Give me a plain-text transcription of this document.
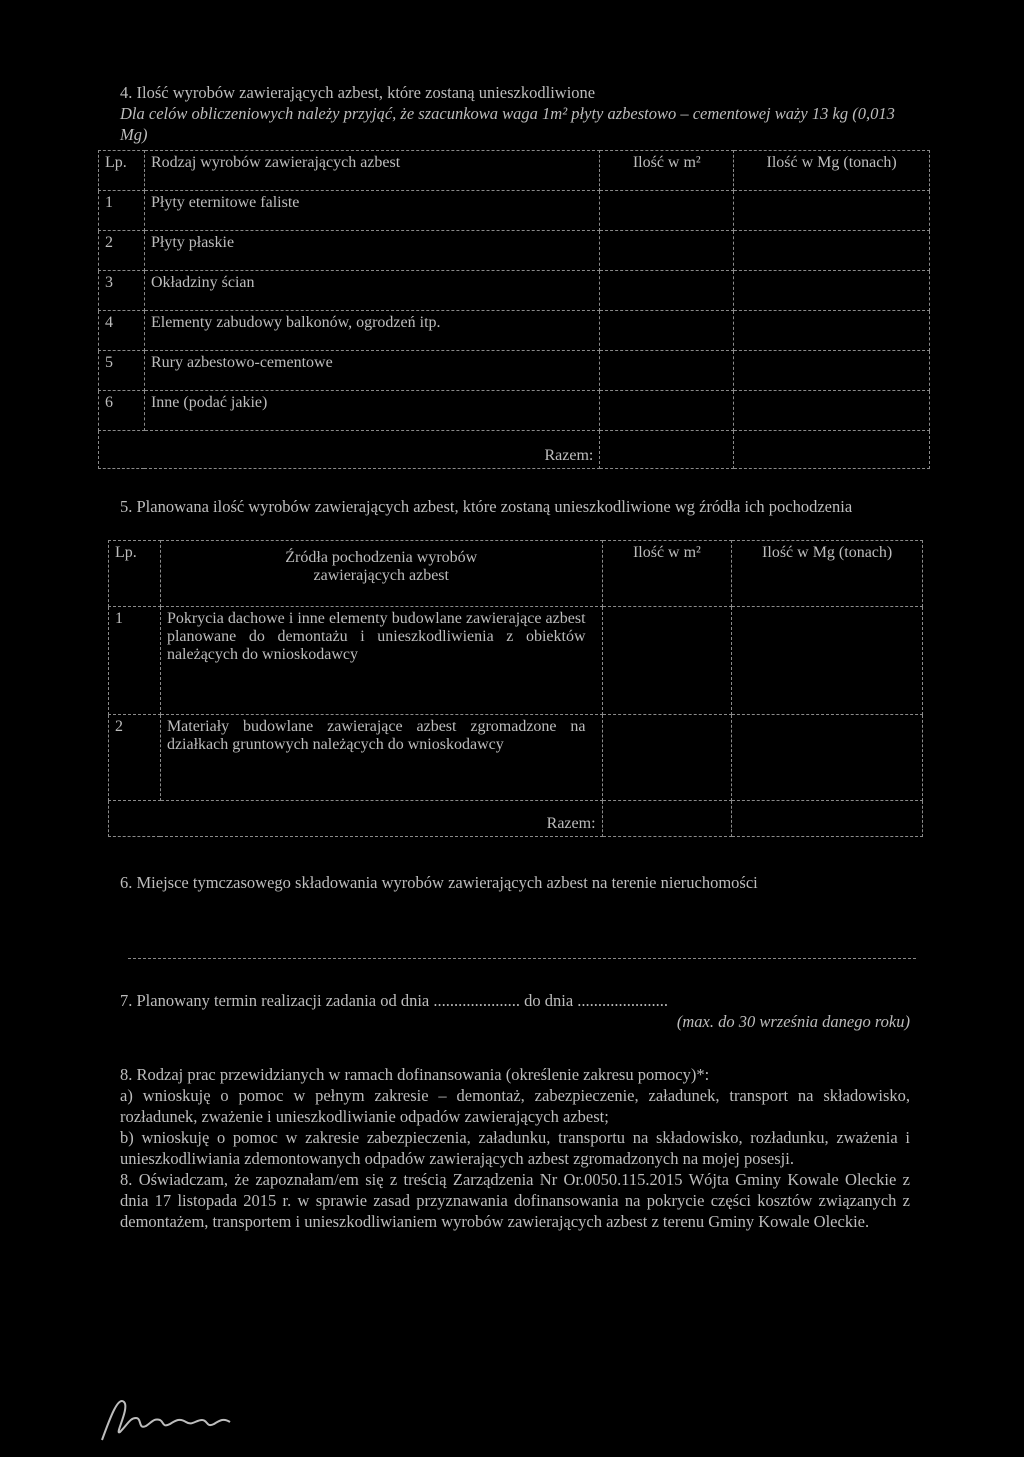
4. Ilość wyrobów zawierających azbest, które zostaną unieszkodliwione

Dla celów obliczeniowych należy przyjąć, że szacunkowa waga 1m² płyty azbestowo – cementowej waży 13 kg (0,013 Mg)

Lp.	Rodzaj wyrobów zawierających azbest	Ilość w m²	Ilość w Mg (tonach)
1	Płyty eternitowe faliste		
2	Płyty płaskie		
3	Okładziny ścian		
4	Elementy zabudowy balkonów, ogrodzeń itp.		
5	Rury azbestowo-cementowe		
6	Inne (podać jakie)		
Razem:			

5. Planowana ilość wyrobów zawierających azbest, które zostaną unieszkodliwione wg źródła ich pochodzenia

Lp.	Źródła pochodzenia wyrobów zawierających azbest	Ilość w m²	Ilość w Mg (tonach)
1	Pokrycia dachowe i inne elementy budowlane zawierające azbest planowane do demontażu i unieszkodliwienia z obiektów należących do wnioskodawcy		
2	Materiały budowlane zawierające azbest zgromadzone na działkach gruntowych należących do wnioskodawcy		
Razem:			

6. Miejsce tymczasowego składowania wyrobów zawierających azbest na terenie nieruchomości

7. Planowany termin realizacji zadania od dnia ..................... do dnia ......................

(max. do 30 września danego roku)

8. Rodzaj prac przewidzianych w ramach dofinansowania (określenie zakresu pomocy)*:

a) wnioskuję o pomoc w pełnym zakresie – demontaż, zabezpieczenie, załadunek, transport na składowisko, rozładunek, zważenie i unieszkodliwianie odpadów zawierających azbest;

b) wnioskuję o pomoc w zakresie zabezpieczenia, załadunku, transportu na składowisko, rozładunku, zważenia i unieszkodliwiania zdemontowanych odpadów zawierających azbest zgromadzonych na mojej posesji.

8. Oświadczam, że zapoznałam/em się z treścią Zarządzenia Nr Or.0050.115.2015 Wójta Gminy Kowale Oleckie z dnia 17 listopada 2015 r. w sprawie zasad przyznawania dofinansowania na pokrycie części kosztów związanych z demontażem, transportem i unieszkodliwianiem wyrobów zawierających azbest z terenu Gminy Kowale Oleckie.
